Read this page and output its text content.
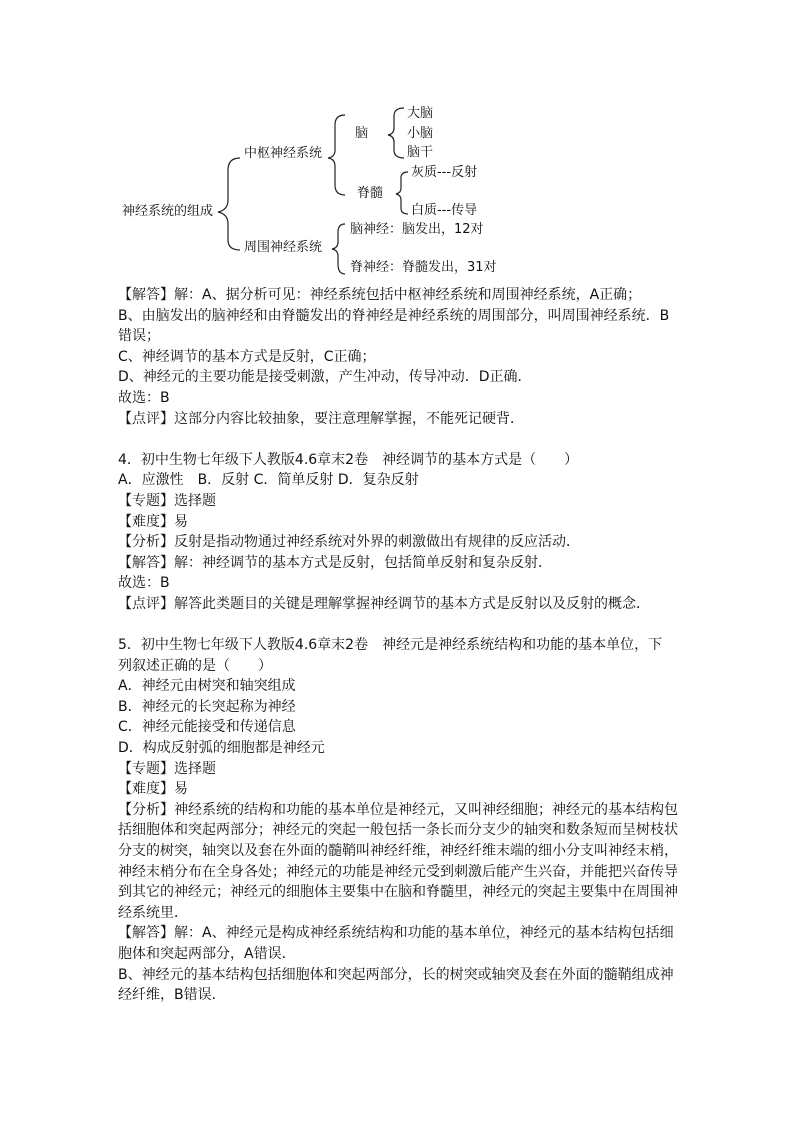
神经系统的组成
中枢神经系统
周围神经系统
脑
大脑
小脑
脑干
脊髓
灰质---反射
白质---传导
脑神经：脑发出，12对
脊神经：脊髓发出，31对

【解答】解：A、据分析可见：神经系统包括中枢神经系统和周围神经系统，A正确；

B、由脑发出的脑神经和由脊髓发出的脊神经是神经系统的周围部分，叫周围神经系统．B

错误；

C、神经调节的基本方式是反射，C正确；

D、神经元的主要功能是接受刺激，产生冲动，传导冲动．D正确．

故选：B

【点评】这部分内容比较抽象，要注意理解掌握，不能死记硬背．

4．初中生物七年级下人教版4.6章末2卷　神经调节的基本方式是（　　）

A．应激性　B．反射 C．简单反射 D．复杂反射

【专题】选择题

【难度】易

【分析】反射是指动物通过神经系统对外界的刺激做出有规律的反应活动．

【解答】解：神经调节的基本方式是反射，包括简单反射和复杂反射．

故选：B

【点评】解答此类题目的关键是理解掌握神经调节的基本方式是反射以及反射的概念．

5．初中生物七年级下人教版4.6章末2卷　神经元是神经系统结构和功能的基本单位，下

列叙述正确的是（　　）

A．神经元由树突和轴突组成

B．神经元的长突起称为神经

C．神经元能接受和传递信息

D．构成反射弧的细胞都是神经元

【专题】选择题

【难度】易

【分析】神经系统的结构和功能的基本单位是神经元，又叫神经细胞；神经元的基本结构包

括细胞体和突起两部分；神经元的突起一般包括一条长而分支少的轴突和数条短而呈树枝状

分支的树突，轴突以及套在外面的髓鞘叫神经纤维，神经纤维末端的细小分支叫神经末梢，

神经末梢分布在全身各处；神经元的功能是神经元受到刺激后能产生兴奋，并能把兴奋传导

到其它的神经元；神经元的细胞体主要集中在脑和脊髓里，神经元的突起主要集中在周围神

经系统里．

【解答】解：A、神经元是构成神经系统结构和功能的基本单位，神经元的基本结构包括细

胞体和突起两部分，A错误．

B、神经元的基本结构包括细胞体和突起两部分，长的树突或轴突及套在外面的髓鞘组成神

经纤维，B错误．
